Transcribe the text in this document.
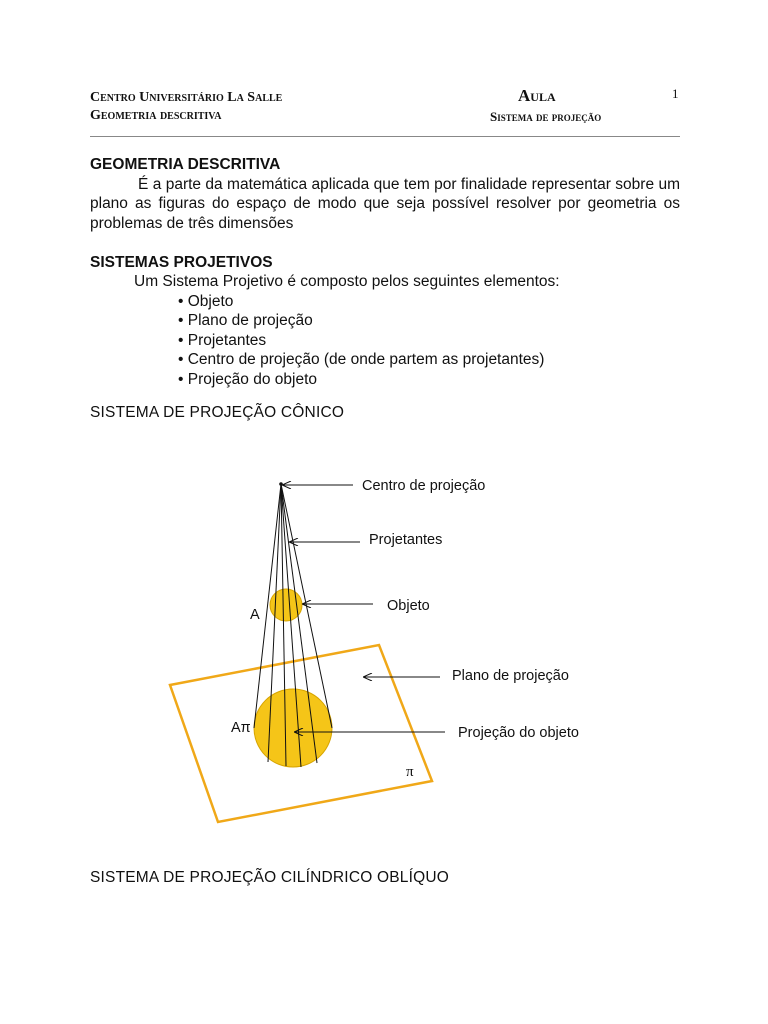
Centro Universitário La Salle
Geometria descritiva
Aula
Sistema de projeção
1
GEOMETRIA DESCRITIVA
É a parte da matemática aplicada que tem por finalidade representar sobre um plano as figuras do espaço de modo que seja possível resolver por geometria os problemas de três dimensões
SISTEMAS PROJETIVOS
Um Sistema Projetivo é composto pelos seguintes elementos:
• Objeto
• Plano de projeção
• Projetantes
• Centro de projeção (de onde partem as projetantes)
• Projeção do objeto
SISTEMA DE PROJEÇÃO CÔNICO
Centro de projeção
Projetantes
Objeto
Plano de projeção
Projeção do objeto
A
Aπ
π
SISTEMA DE PROJEÇÃO CILÍNDRICO OBLÍQUO
